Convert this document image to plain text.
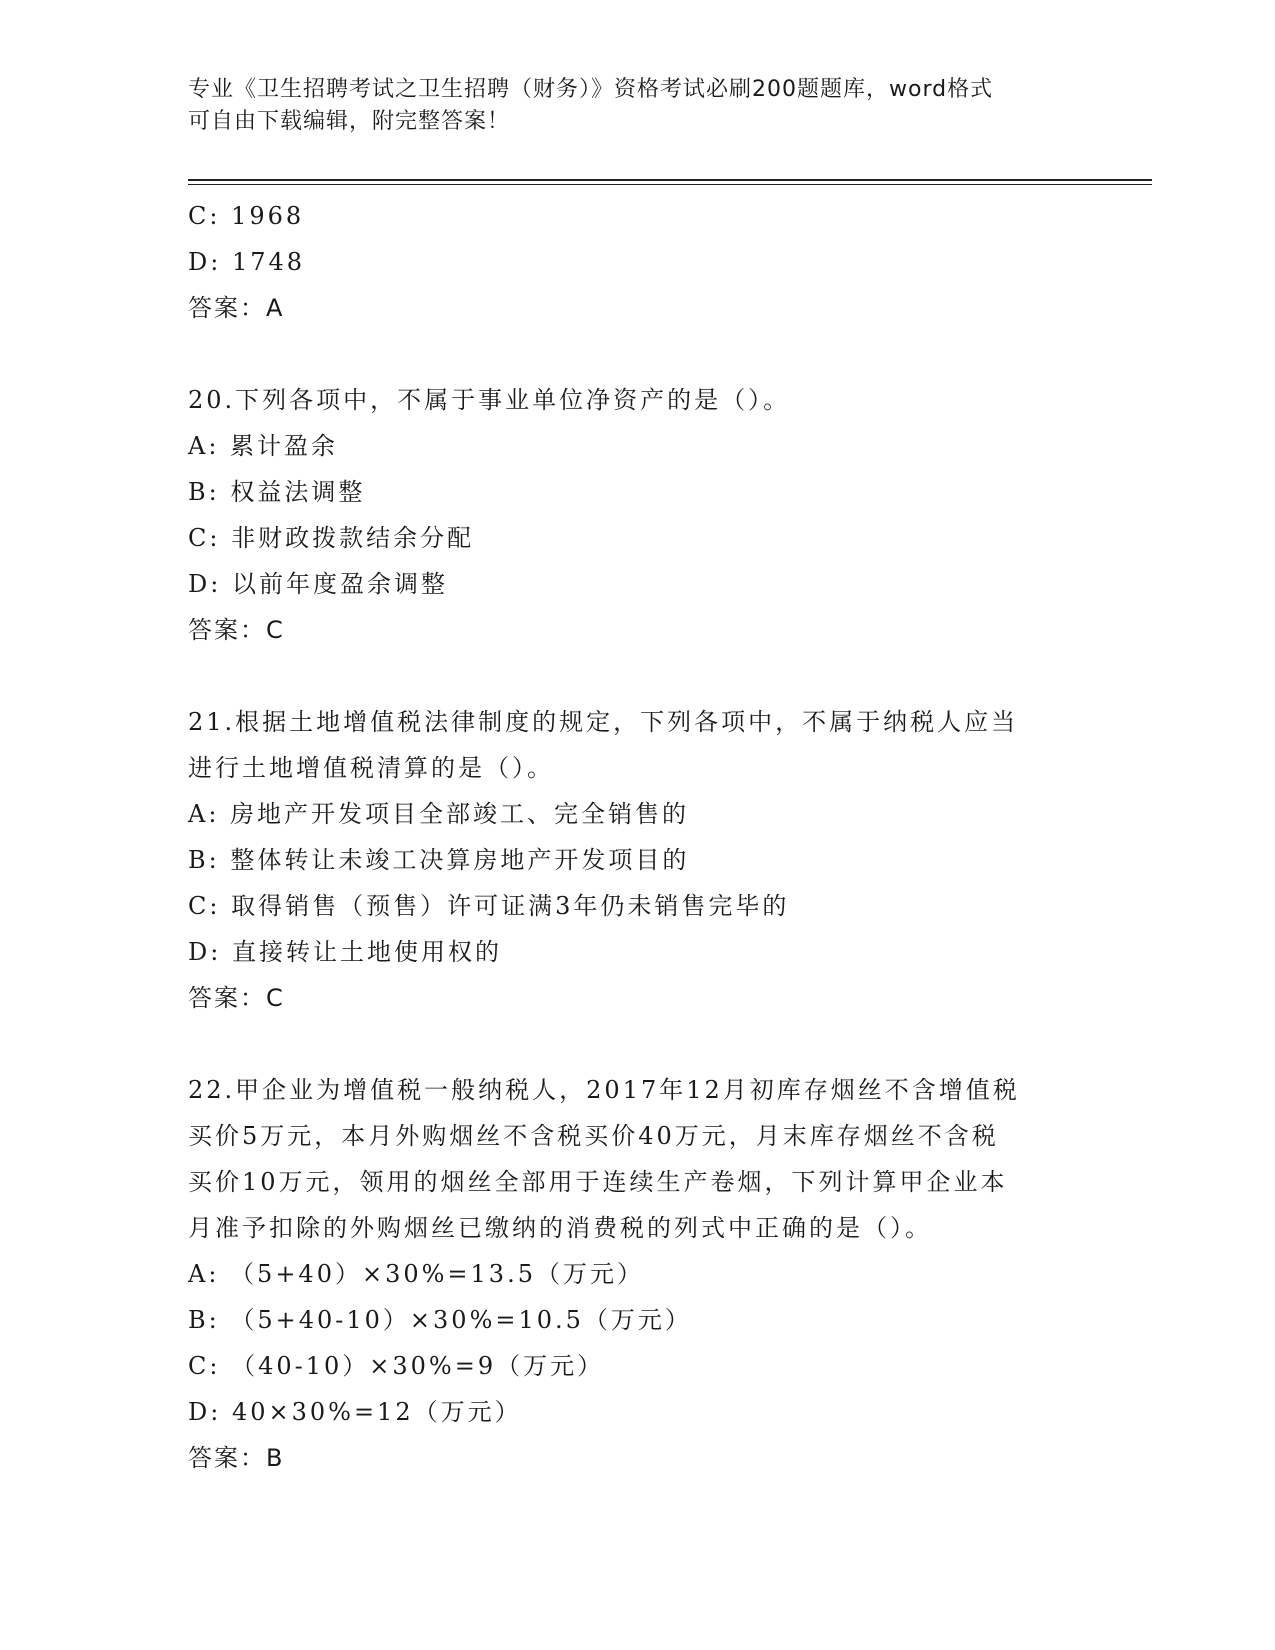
专业《卫生招聘考试之卫生招聘（财务）》资格考试必刷200题题库，word格式
可自由下载编辑，附完整答案！
C: 1968
D: 1748
答案：A
20.下列各项中，不属于事业单位净资产的是（）。
A: 累计盈余
B: 权益法调整
C: 非财政拨款结余分配
D: 以前年度盈余调整
答案：C
21.根据土地增值税法律制度的规定，下列各项中，不属于纳税人应当
进行土地增值税清算的是（）。
A: 房地产开发项目全部竣工、完全销售的
B: 整体转让未竣工决算房地产开发项目的
C: 取得销售（预售）许可证满3年仍未销售完毕的
D: 直接转让土地使用权的
答案：C
22.甲企业为增值税一般纳税人，2017年12月初库存烟丝不含增值税
买价5万元，本月外购烟丝不含税买价40万元，月末库存烟丝不含税
买价10万元，领用的烟丝全部用于连续生产卷烟，下列计算甲企业本
月准予扣除的外购烟丝已缴纳的消费税的列式中正确的是（）。
A: （5+40）×30%=13.5（万元）
B: （5+40-10）×30%=10.5（万元）
C: （40-10）×30%=9（万元）
D: 40×30%=12（万元）
答案：B
